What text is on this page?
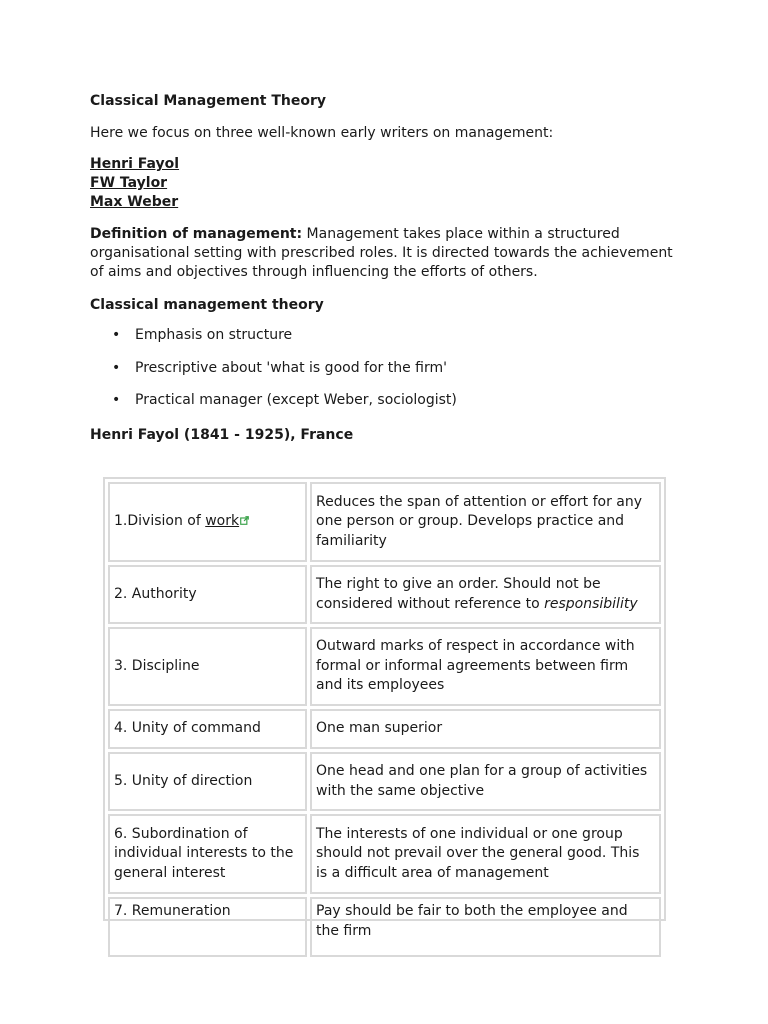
Classical Management Theory
Here we focus on three well-known early writers on management:
Henri Fayol
FW Taylor
Max Weber
Definition of management: Management takes place within a structured organisational setting with prescribed roles. It is directed towards the achievement of aims and objectives through influencing the efforts of others.
Classical management theory
• Emphasis on structure
• Prescriptive about 'what is good for the firm'
• Practical manager (except Weber, sociologist)
Henri Fayol (1841 - 1925), France
1.Division of work	Reduces the span of attention or effort for any one person or group. Develops practice and familiarity
2. Authority	The right to give an order. Should not be considered without reference to responsibility
3. Discipline	Outward marks of respect in accordance with formal or informal agreements between firm and its employees
4. Unity of command	One man superior
5. Unity of direction	One head and one plan for a group of activities with the same objective
6. Subordination of individual interests to the general interest	The interests of one individual or one group should not prevail over the general good. This is a difficult area of management
7. Remuneration	Pay should be fair to both the employee and the firm
